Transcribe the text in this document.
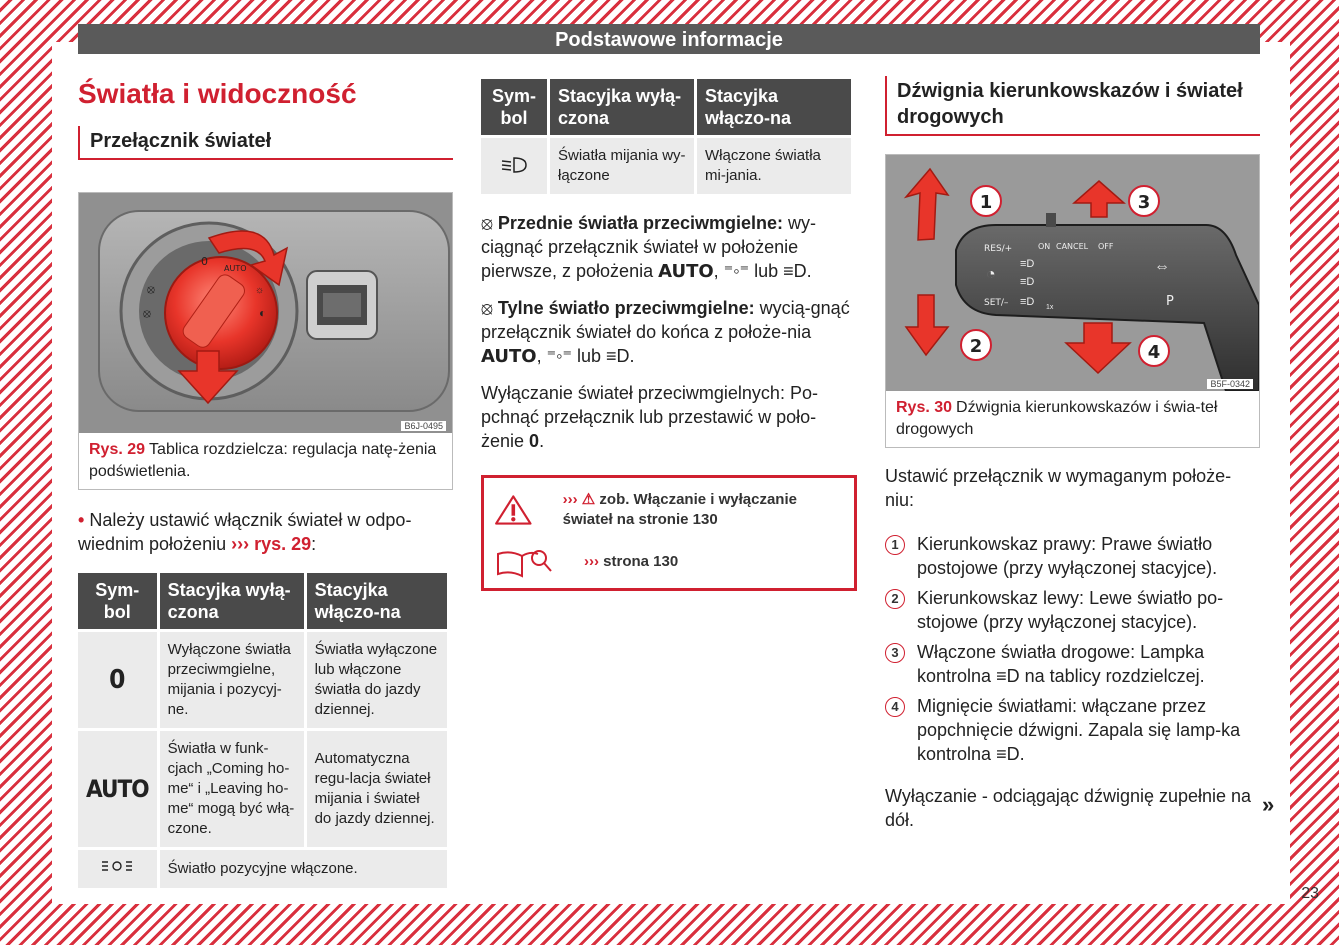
Podstawowe informacje
Światła i widoczność
Przełącznik świateł
0
AUTO
⦻
⦻
☼
◐
B6J-0495
Rys. 29 Tablica rozdzielcza: regulacja natę-żenia podświetlenia.

• Należy ustawić włącznik świateł w odpo-wiednim położeniu ››› rys. 29:

Sym-bol	Stacyjka wyłą-czona	Stacyjka włączo-na
0	Wyłączone światła przeciwmgielne, mijania i pozycyj-ne.	Światła wyłączone lub włączone światła do jazdy dziennej.
AUTO	Światła w funk-cjach „Coming ho-me“ i „Leaving ho-me“ mogą być włą-czone.	Automatyczna regu-lacja świateł mijania i świateł do jazdy dziennej.
	Światło pozycyjne włączone.	
Sym-bol	Stacyjka wyłą-czona	Stacyjka włączo-na
	Światła mijania wy-łączone	Włączone światła mi-jania.

⦻ Przednie światła przeciwmgielne: wy-ciągnąć przełącznik świateł w położenie pierwsze, z położenia AUTO, ⁼◦⁼ lub ≡D.

⦻ Tylne światło przeciwmgielne: wycią-gnąć przełącznik świateł do końca z położe-nia AUTO, ⁼◦⁼ lub ≡D.

Wyłączanie świateł przeciwmgielnych: Po-pchnąć przełącznik lub przestawić w poło-żenie 0.

››› ⚠ zob. Włączanie i wyłączanie świateł na stronie 130
››› strona 130
Dźwignia kierunkowskazów i świateł drogowych
RES/+
SET/–
ON CANCEL OFF
◔
≡D
≡D
≡D 1x
⇔
P
1
2
3
4
B5F-0342
Rys. 30 Dźwignia kierunkowskazów i świa-teł drogowych

Ustawić przełącznik w wymaganym położe-niu:

1	Kierunkowskaz prawy: Prawe światło postojowe (przy wyłączonej stacyjce).
2	Kierunkowskaz lewy: Lewe światło po-stojowe (przy wyłączonej stacyjce).
3	Włączone światła drogowe: Lampka kontrolna ≡D na tablicy rozdzielczej.
4	Mignięcie światłami: włączane przez popchnięcie dźwigni. Zapala się lamp-ka kontrolna ≡D.

Wyłączanie - odciągając dźwignię zupełnie na dół.

»
23
